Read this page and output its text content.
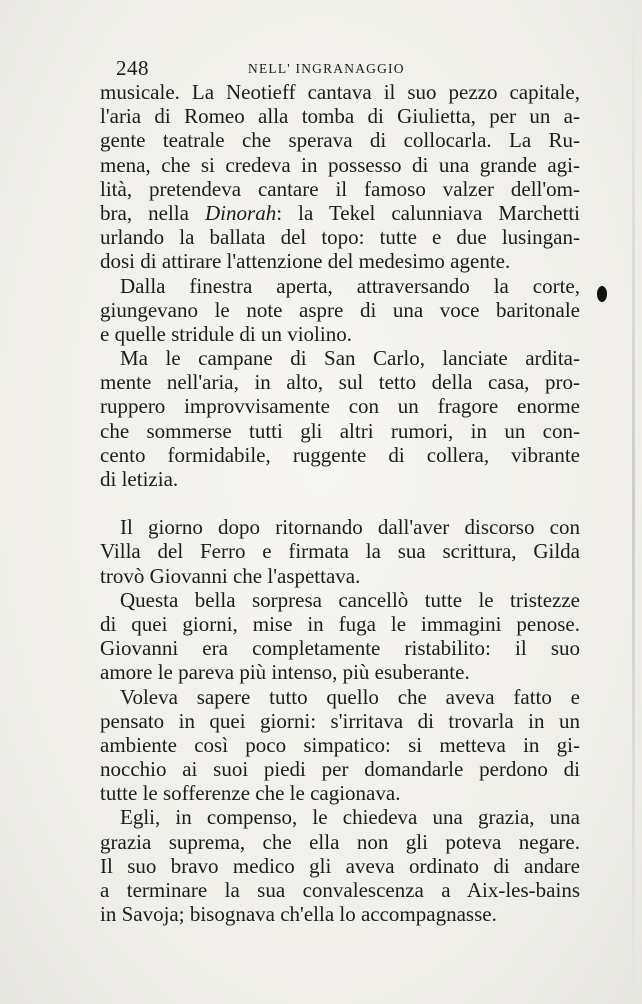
248	NELL' INGRANAGGIO
musicale. La Neotieff cantava il suo pezzo capitale,
l'aria di Romeo alla tomba di Giulietta, per un a-
gente teatrale che sperava di collocarla. La Ru-
mena, che si credeva in possesso di una grande agi-
lità, pretendeva cantare il famoso valzer dell'om-
bra, nella Dinorah: la Tekel calunniava Marchetti
urlando la ballata del topo: tutte e due lusingan-
dosi di attirare l'attenzione del medesimo agente.
Dalla finestra aperta, attraversando la corte,
giungevano le note aspre di una voce baritonale
e quelle stridule di un violino.
Ma le campane di San Carlo, lanciate ardita-
mente nell'aria, in alto, sul tetto della casa, pro-
ruppero improvvisamente con un fragore enorme
che sommerse tutti gli altri rumori, in un con-
cento formidabile, ruggente di collera, vibrante
di letizia.
Il giorno dopo ritornando dall'aver discorso con
Villa del Ferro e firmata la sua scrittura, Gilda
trovò Giovanni che l'aspettava.
Questa bella sorpresa cancellò tutte le tristezze
di quei giorni, mise in fuga le immagini penose.
Giovanni era completamente ristabilito: il suo
amore le pareva più intenso, più esuberante.
Voleva sapere tutto quello che aveva fatto e
pensato in quei giorni: s'irritava di trovarla in un
ambiente così poco simpatico: si metteva in gi-
nocchio ai suoi piedi per domandarle perdono di
tutte le sofferenze che le cagionava.
Egli, in compenso, le chiedeva una grazia, una
grazia suprema, che ella non gli poteva negare.
Il suo bravo medico gli aveva ordinato di andare
a terminare la sua convalescenza a Aix-les-bains
in Savoja; bisognava ch'ella lo accompagnasse.
